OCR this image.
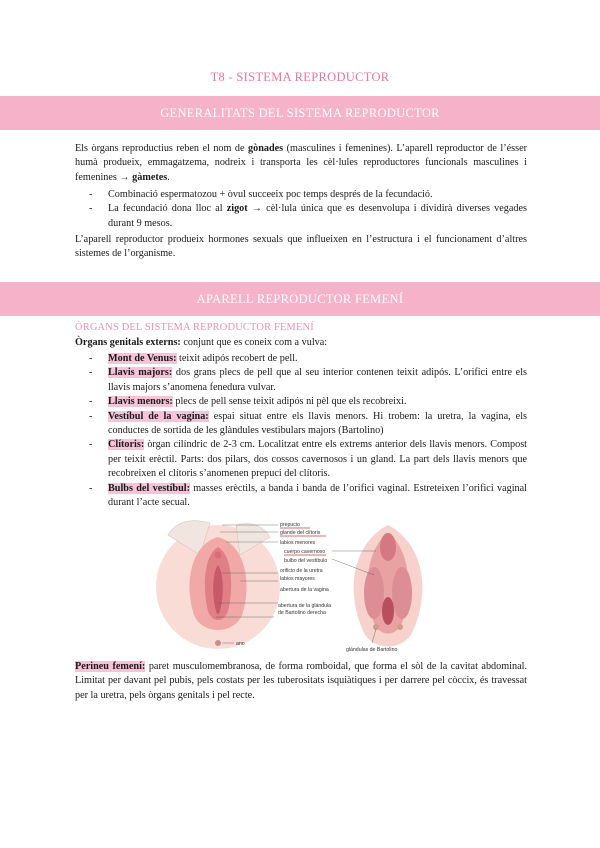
T8 - SISTEMA REPRODUCTOR
GENERALITATS DEL SISTEMA REPRODUCTOR

Els òrgans reproductius reben el nom de gònades (masculines i femenines). L’aparell reproductor de l’ésser humà produeix, emmagatzema, nodreix i transporta les cèl·lules reproductores funcionals masculines i femenines → gàmetes.

- Combinació espermatozou + òvul succeeix poc temps després de la fecundació.
- La fecundació dona lloc al zigot → cèl·lula única que es desenvolupa i dividirà diverses vegades durant 9 mesos.

L’aparell reproductor produeix hormones sexuals que influeixen en l’estructura i el funcionament d’altres sistemes de l’organisme.

APARELL REPRODUCTOR FEMENÍ
ÒRGANS DEL SISTEMA REPRODUCTOR FEMENÍ

Òrgans genitals externs: conjunt que es coneix com a vulva:

- Mont de Venus: teixit adipós recobert de pell.
- Llavis majors: dos grans plecs de pell que al seu interior contenen teixit adipós. L’orifici entre els llavis majors s’anomena fenedura vulvar.
- Llavis menors: plecs de pell sense teixit adipós ni pèl que els recobreixi.
- Vestíbul de la vagina: espai situat entre els llavis menors. Hi trobem: la uretra, la vagina, els conductes de sortida de les glàndules vestibulars majors (Bartolino)
- Clítoris: òrgan cilíndric de 2-3 cm. Localitzat entre els extrems anterior dels llavis menors. Compost per teixit erèctil. Parts: dos pilars, dos cossos cavernosos i un gland. La part dels llavis menors que recobreixen el clítoris s’anomenen prepuci del clítoris.
- Bulbs del vestíbul: masses erèctils, a banda i banda de l’orifici vaginal. Estreteixen l’orifici vaginal durant l’acte secual.
prepucio
glande del clítoris
labios menores
cuerpo cavernoso
bulbo del vestíbulo
orificio de la uretra
labios mayores
abertura de la vagina
abertura de la glándula
de Bartolino derecha
ano
glándulas de Bartolino

Perineu femení: paret musculomembranosa, de forma romboidal, que forma el sòl de la cavitat abdominal. Limitat per davant pel pubis, pels costats per les tuberositats isquiàtiques i per darrere pel còccix, és travessat per la uretra, pels òrgans genitals i pel recte.
